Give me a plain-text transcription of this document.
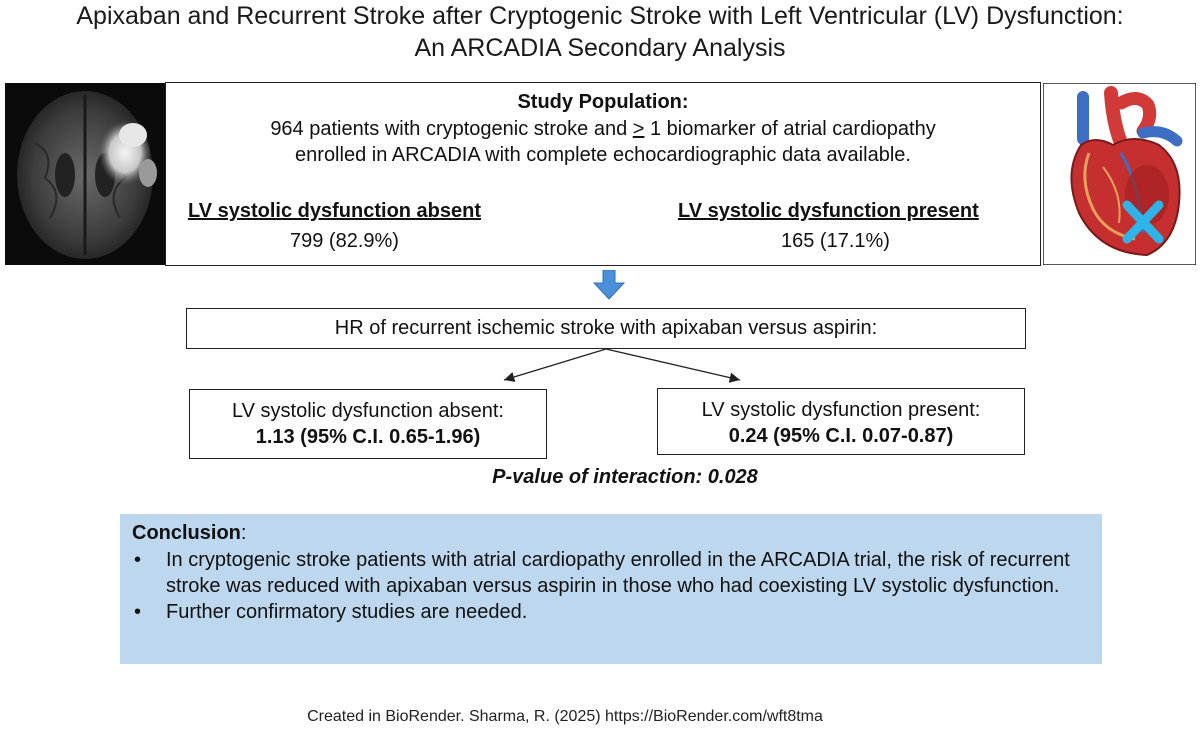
Apixaban and Recurrent Stroke after Cryptogenic Stroke with Left Ventricular (LV) Dysfunction:
An ARCADIA Secondary Analysis
Study Population:
964 patients with cryptogenic stroke and ≥ 1 biomarker of atrial cardiopathy
enrolled in ARCADIA with complete echocardiographic data available.
LV systolic dysfunction absent
799 (82.9%)
LV systolic dysfunction present
165 (17.1%)
HR of recurrent ischemic stroke with apixaban versus aspirin:
LV systolic dysfunction absent:
1.13 (95% C.I. 0.65-1.96)
LV systolic dysfunction present:
0.24 (95% C.I. 0.07-0.87)
P-value of interaction: 0.028
Conclusion:
• In cryptogenic stroke patients with atrial cardiopathy enrolled in the ARCADIA trial, the risk of recurrent stroke was reduced with apixaban versus aspirin in those who had coexisting LV systolic dysfunction.
• Further confirmatory studies are needed.
Created in BioRender. Sharma, R. (2025) https://BioRender.com/wft8tma
